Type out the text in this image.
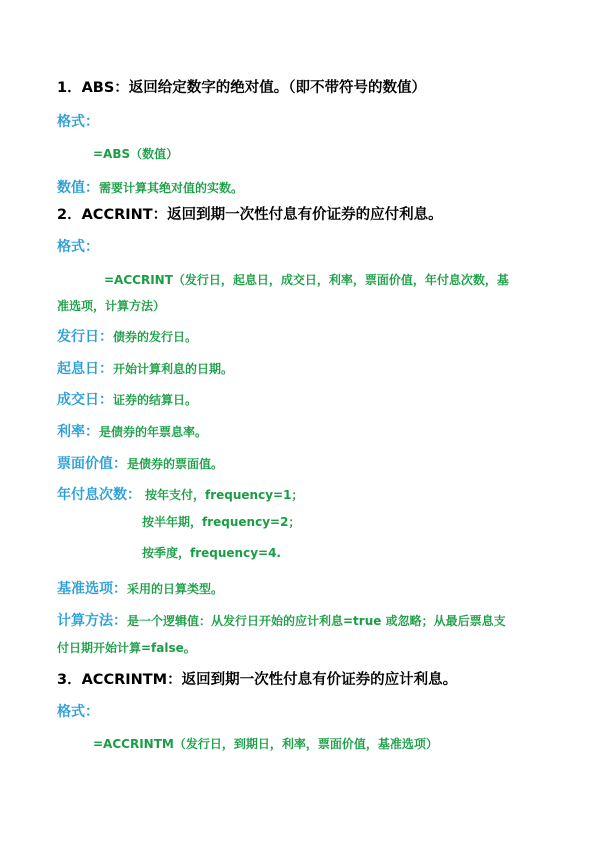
1．ABS：返回给定数字的绝对值。（即不带符号的数值）
格式：
=ABS（数值）
数值：需要计算其绝对值的实数。
2．ACCRINT：返回到期一次性付息有价证券的应付利息。
格式：
=ACCRINT（发行日，起息日，成交日，利率，票面价值，年付息次数，基
准选项，计算方法）
发行日：债券的发行日。
起息日：开始计算利息的日期。
成交日：证券的结算日。
利率：是债券的年票息率。
票面价值：是债券的票面值。
年付息次数： 按年支付，frequency=1；
按半年期，frequency=2；
按季度，frequency=4.
基准选项：采用的日算类型。
计算方法：是一个逻辑值：从发行日开始的应计利息=true 或忽略；从最后票息支
付日期开始计算=false。
3．ACCRINTM：返回到期一次性付息有价证券的应计利息。
格式：
=ACCRINTM（发行日，到期日，利率，票面价值，基准选项）
